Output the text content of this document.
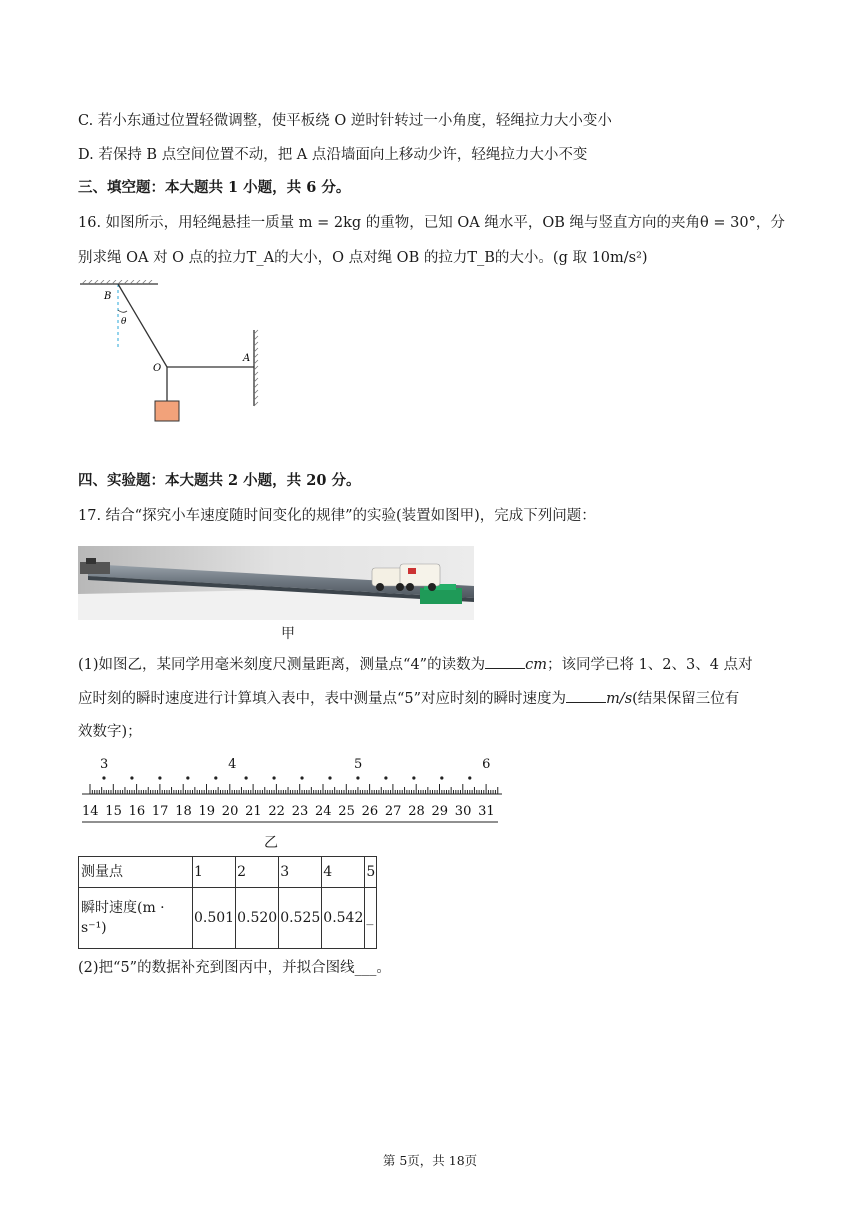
C. 若小东通过位置轻微调整，使平板绕 O 逆时针转过一小角度，轻绳拉力大小变小
D. 若保持 B 点空间位置不动，把 A 点沿墙面向上移动少许，轻绳拉力大小不变
三、填空题：本大题共 1 小题，共 6 分。
16. 如图所示，用轻绳悬挂一质量 m = 2kg 的重物，已知 OA 绳水平，OB 绳与竖直方向的夹角θ = 30°，分
别求绳 OA 对 O 点的拉力T_A的大小，O 点对绳 OB 的拉力T_B的大小。(g 取 10m/s²)
B
θ
O
A
四、实验题：本大题共 2 小题，共 20 分。
17. 结合“探究小车速度随时间变化的规律”的实验(装置如图甲)，完成下列问题：
甲
(1)如图乙，某同学用毫米刻度尺测量距离，测量点“4”的读数为	cm；该同学已将 1、2、3、4 点对
应时刻的瞬时速度进行计算填入表中，表中测量点“5”对应时刻的瞬时速度为	m/s(结果保留三位有
效数字)；
14 15 16 17 18 19 20 21 22 23 24 25 26 27 28 29 30 31
3	4	5	6
乙
测量点	1	2	3	4	5
瞬时速度(m · s⁻¹)	0.501	0.520	0.525	0.542	_
(2)把“5”的数据补充到图丙中，并拟合图线___。
第 5页，共 18页
